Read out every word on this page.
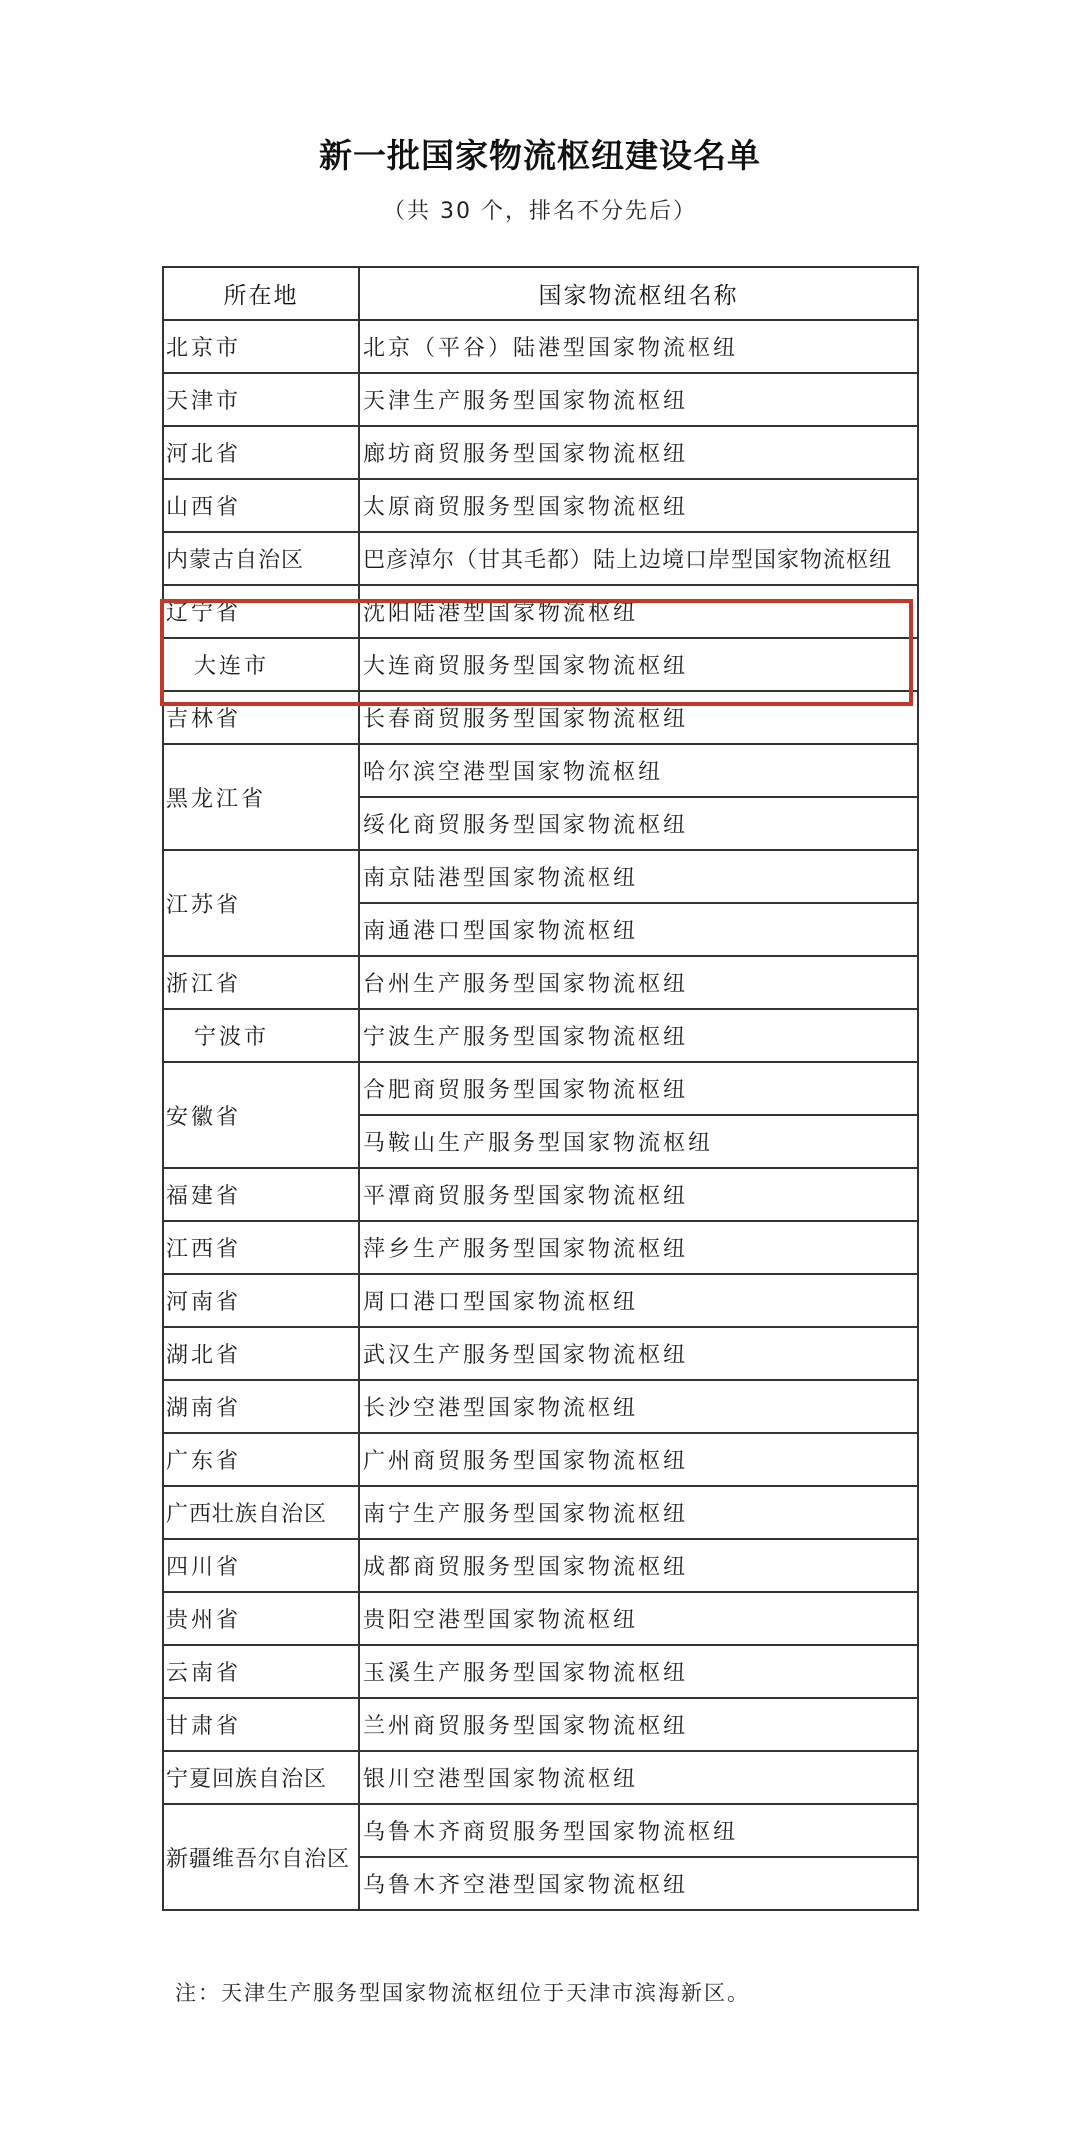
新一批国家物流枢纽建设名单
（共 30 个，排名不分先后）
所在地	国家物流枢纽名称
北京市	北京（平谷）陆港型国家物流枢纽
天津市	天津生产服务型国家物流枢纽
河北省	廊坊商贸服务型国家物流枢纽
山西省	太原商贸服务型国家物流枢纽
内蒙古自治区	巴彦淖尔（甘其毛都）陆上边境口岸型国家物流枢纽
辽宁省	沈阳陆港型国家物流枢纽
大连市	大连商贸服务型国家物流枢纽
吉林省	长春商贸服务型国家物流枢纽
黑龙江省	哈尔滨空港型国家物流枢纽
	绥化商贸服务型国家物流枢纽
江苏省	南京陆港型国家物流枢纽
	南通港口型国家物流枢纽
浙江省	台州生产服务型国家物流枢纽
宁波市	宁波生产服务型国家物流枢纽
安徽省	合肥商贸服务型国家物流枢纽
	马鞍山生产服务型国家物流枢纽
福建省	平潭商贸服务型国家物流枢纽
江西省	萍乡生产服务型国家物流枢纽
河南省	周口港口型国家物流枢纽
湖北省	武汉生产服务型国家物流枢纽
湖南省	长沙空港型国家物流枢纽
广东省	广州商贸服务型国家物流枢纽
广西壮族自治区	南宁生产服务型国家物流枢纽
四川省	成都商贸服务型国家物流枢纽
贵州省	贵阳空港型国家物流枢纽
云南省	玉溪生产服务型国家物流枢纽
甘肃省	兰州商贸服务型国家物流枢纽
宁夏回族自治区	银川空港型国家物流枢纽
新疆维吾尔自治区	乌鲁木齐商贸服务型国家物流枢纽
	乌鲁木齐空港型国家物流枢纽
注：天津生产服务型国家物流枢纽位于天津市滨海新区。
